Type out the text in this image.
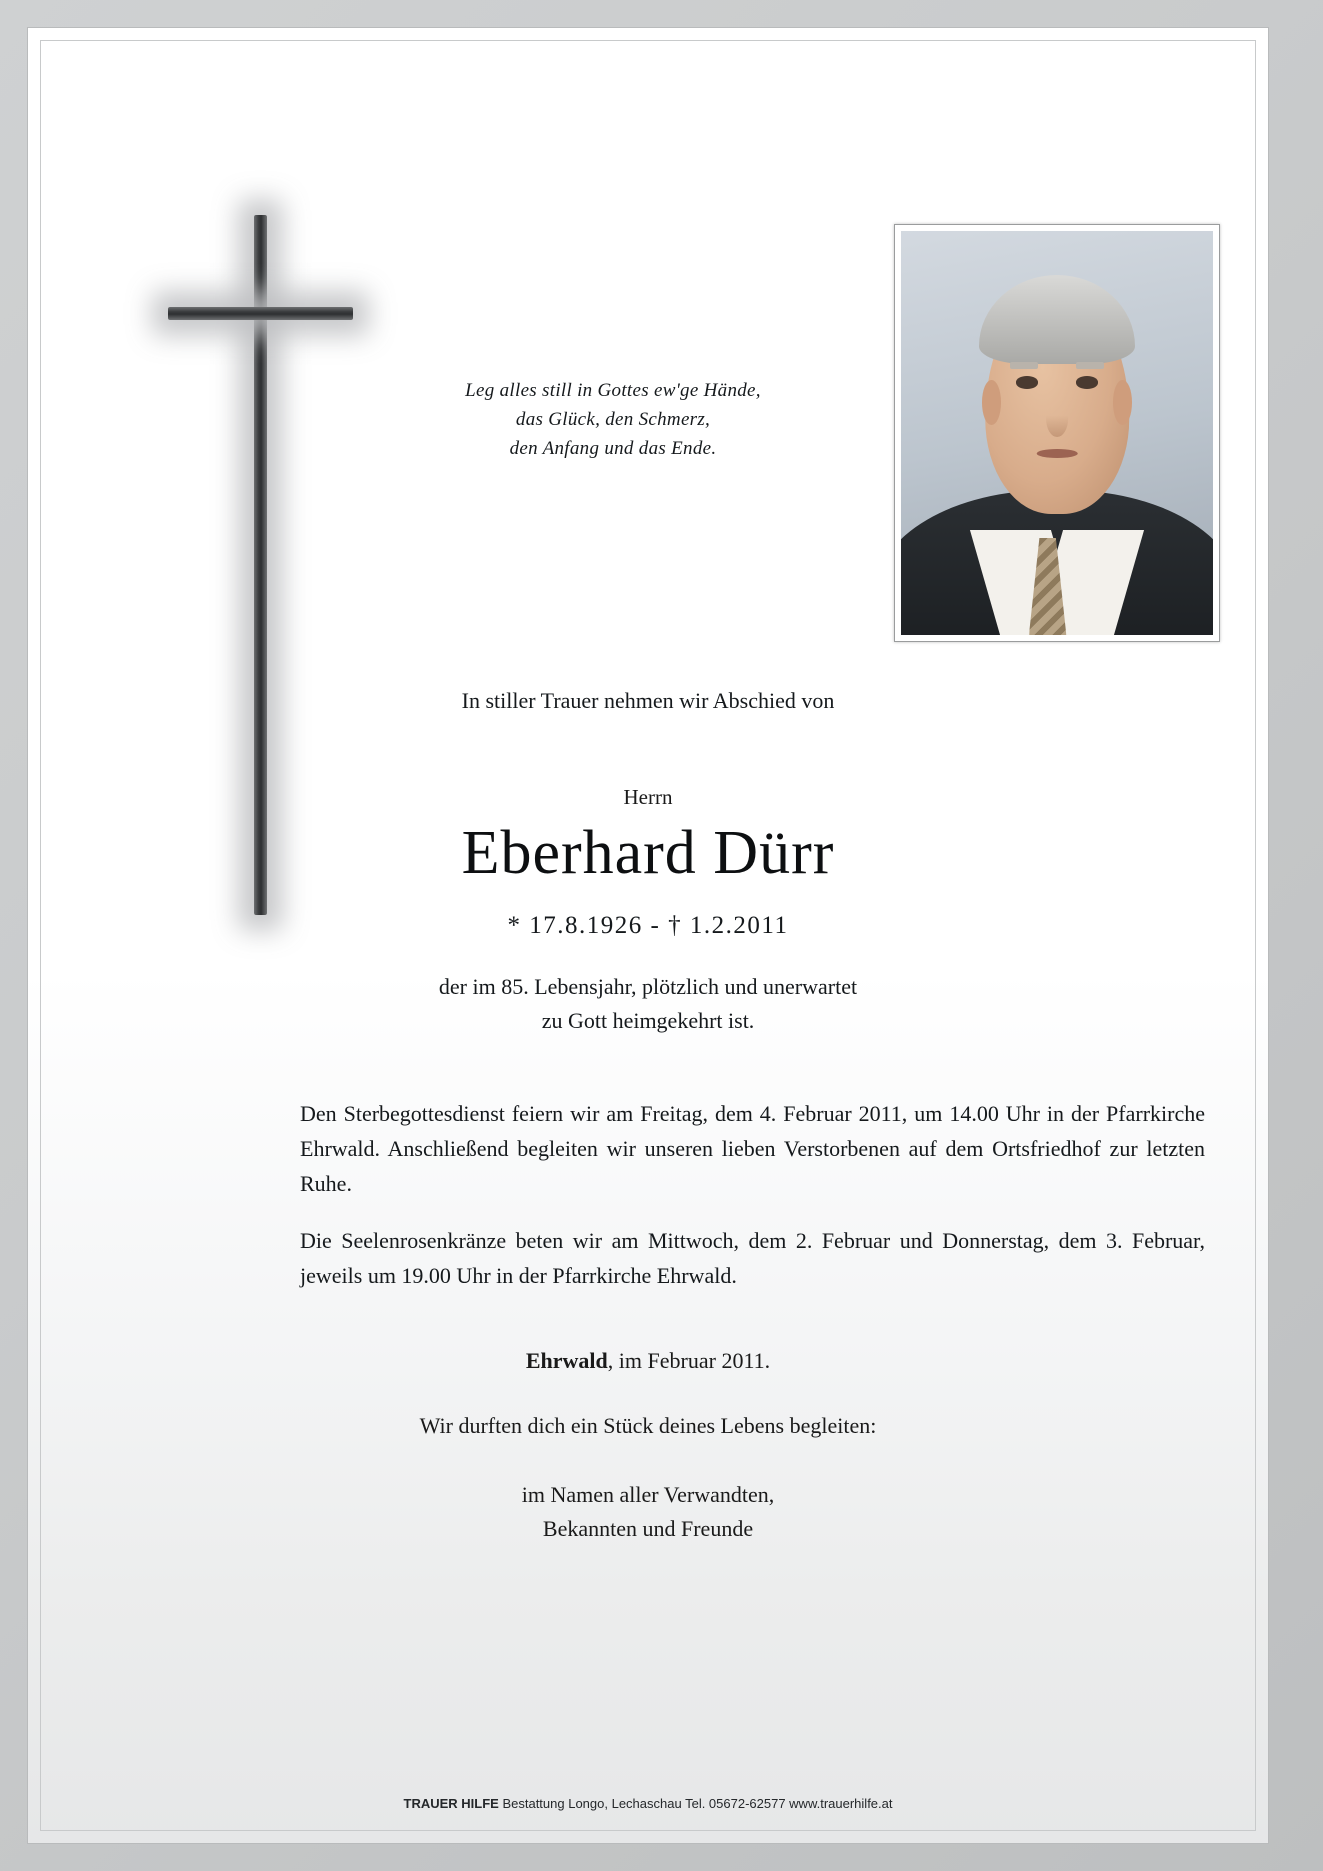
Leg alles still in Gottes ew'ge Hände,
das Glück, den Schmerz,
den Anfang und das Ende.
In stiller Trauer nehmen wir Abschied von
Herrn
Eberhard Dürr
* 17.8.1926 - † 1.2.2011
der im 85. Lebensjahr, plötzlich und unerwartet
zu Gott heimgekehrt ist.

Den Sterbegottesdienst feiern wir am Freitag, dem 4. Februar 2011, um 14.00 Uhr in der Pfarrkirche Ehrwald. Anschließend begleiten wir unseren lieben Verstorbenen auf dem Ortsfriedhof zur letzten Ruhe.

Die Seelenrosenkränze beten wir am Mittwoch, dem 2. Februar und Donnerstag, dem 3. Februar, jeweils um 19.00 Uhr in der Pfarrkirche Ehrwald.

Ehrwald, im Februar 2011.
Wir durften dich ein Stück deines Lebens begleiten:
im Namen aller Verwandten,
Bekannten und Freunde
TRAUER HILFE Bestattung Longo, Lechaschau Tel. 05672-62577 www.trauerhilfe.at
